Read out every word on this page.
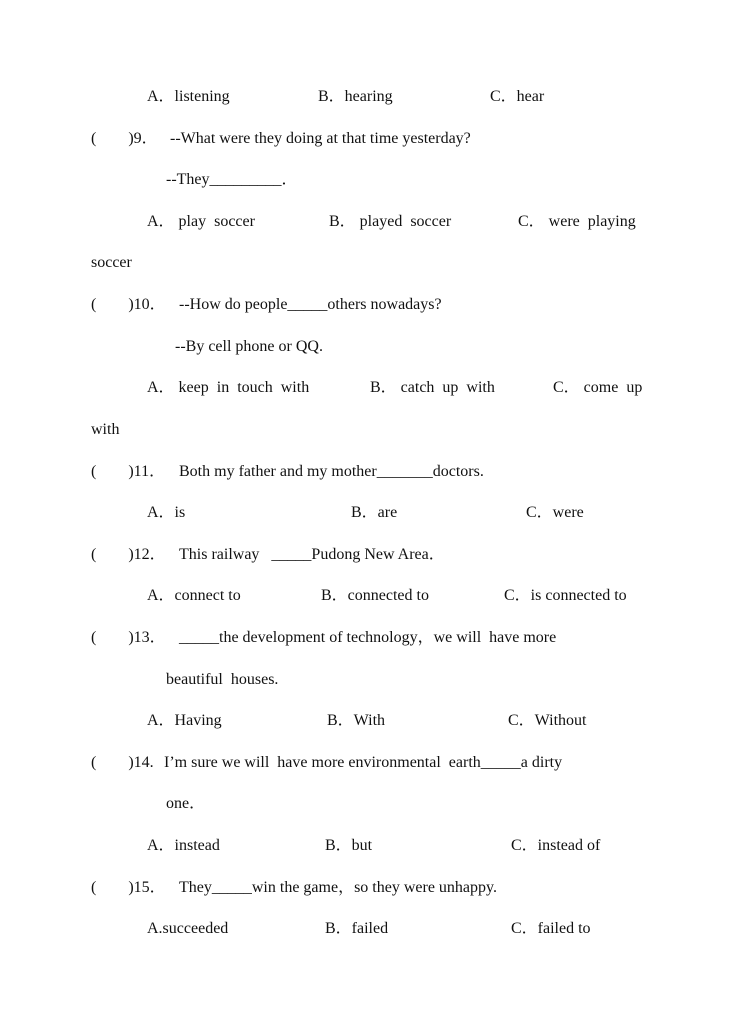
A．listening	B．hearing	C．hear
(        )9． --What were they doing at that time yesterday?
--They_________．
A． play  soccer	B． played  soccer	C． were  playing
soccer
(        )10． --How do people_____others nowadays?
--By cell phone or QQ.
A． keep  in  touch  with	B． catch  up  with	C． come  up
with
(        )11． Both my father and my mother_______doctors.
A．is	B．are	C．were
(        )12． This railway   _____Pudong New Area．
A．connect to	B．connected to	C．is connected to
(        )13． _____the development of technology，we will  have more
beautiful  houses.
A．Having	B．With	C．Without
(        )14. I’m sure we will  have more environmental  earth_____a dirty
one．
A．instead	B．but	C．instead of
(        )15． They_____win the game，so they were unhappy.
A.succeeded	B．failed	C．failed to
